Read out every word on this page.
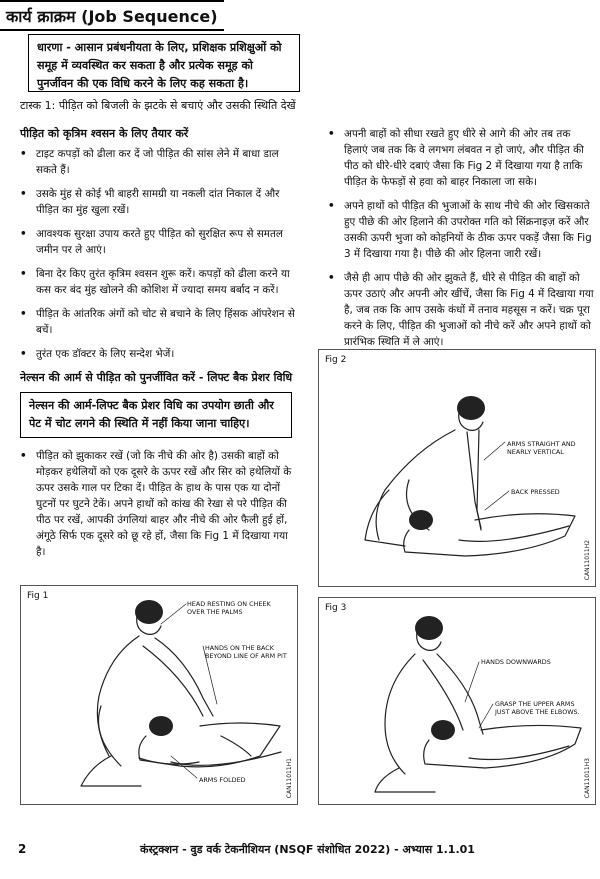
कार्य क्राक्रम (Job Sequence)
धारणा - आसान प्रबंधनीयता के लिए, प्रशिक्षक प्रशिक्षुओं को समूह में व्यवस्थित कर सकता है और प्रत्येक समूह को पुनर्जीवन की एक विधि करने के लिए कह सकता है।
टास्क 1: पीड़ित को बिजली के झटके से बचाएं और उसकी स्थिति देखें
पीड़ित को कृत्रिम श्वसन के लिए तैयार करें
• टाइट कपड़ों को ढीला कर दें जो पीड़ित की सांस लेने में बाधा डाल सकते हैं।
• उसके मुंह से कोई भी बाहरी सामग्री या नकली दांत निकाल दें और पीड़ित का मुंह खुला रखें।
• आवश्यक सुरक्षा उपाय करते हुए पीड़ित को सुरक्षित रूप से समतल जमीन पर ले आएं।
• बिना देर किए तुरंत कृत्रिम श्वसन शुरू करें। कपड़ों को ढीला करने या कस कर बंद मुंह खोलने की कोशिश में ज्यादा समय बर्बाद न करें।
• पीड़ित के आंतरिक अंगों को चोट से बचाने के लिए हिंसक ऑपरेशन से बचें।
• तुरंत एक डॉक्टर के लिए सन्देश भेजें।
नेल्सन की आर्म से पीड़ित को पुनर्जीवित करें - लिफ्ट बैक प्रेशर विधि
नेल्सन की आर्म-लिफ्ट बैक प्रेशर विधि का उपयोग छाती और पेट में चोट लगने की स्थिति में नहीं किया जाना चाहिए।
• पीड़ित को झुकाकर रखें (जो कि नीचे की ओर है) उसकी बाहों को मोड़कर हथेलियों को एक दूसरे के ऊपर रखें और सिर को हथेलियों के ऊपर उसके गाल पर टिका दें। पीड़ित के हाथ के पास एक या दोनों घुटनों पर घुटने टेकें। अपने हाथों को कांख की रेखा से परे पीड़ित की पीठ पर रखें, आपकी उंगलियां बाहर और नीचे की ओर फैली हुई हों, अंगूठे सिर्फ एक दूसरे को छू रहे हों, जैसा कि Fig 1 में दिखाया गया है।
• अपनी बाहों को सीधा रखते हुए धीरे से आगे की ओर तब तक हिलाएं जब तक कि वे लगभग लंबवत न हो जाएं, और पीड़ित की पीठ को धीरे-धीरे दबाएं जैसा कि Fig 2 में दिखाया गया है ताकि पीड़ित के फेफड़ों से हवा को बाहर निकाला जा सके।
• अपने हाथों को पीड़ित की भुजाओं के साथ नीचे की ओर खिसकाते हुए पीछे की ओर हिलाने की उपरोक्त गति को सिंक्रनाइज़ करें और उसकी ऊपरी भुजा को कोहनियों के ठीक ऊपर पकड़ें जैसा कि Fig 3 में दिखाया गया है। पीछे की ओर हिलना जारी रखें।
• जैसे ही आप पीछे की ओर झुकते हैं, धीरे से पीड़ित की बाहों को ऊपर उठाएं और अपनी ओर खींचें, जैसा कि Fig 4 में दिखाया गया है, जब तक कि आप उसके कंधों में तनाव महसूस न करें। चक्र पूरा करने के लिए, पीड़ित की भुजाओं को नीचे करें और अपने हाथों को प्रारंभिक स्थिति में ले आएं।
Fig 1
HEAD RESTING ON CHEEK OVER THE PALMS
HANDS ON THE BACK BEYOND LINE OF ARM PIT
ARMS FOLDED	CAN11011H1
Fig 2
ARMS STRAIGHT AND NEARLY VERTICAL
BACK PRESSED
CAN11011H2
Fig 3
HANDS DOWNWARDS
GRASP THE UPPER ARMS JUST ABOVE THE ELBOWS.
CAN11011H3
2	कंस्ट्रक्शन - वुड वर्क टेकनीशियन (NSQF संशोधित 2022) - अभ्यास 1.1.01
